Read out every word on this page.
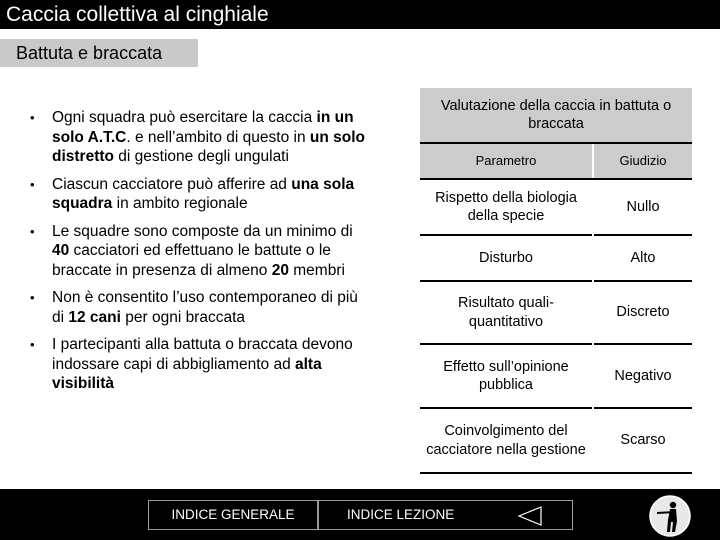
Caccia collettiva al cinghiale
Battuta e braccata
• Ogni squadra può esercitare la caccia in un solo A.T.C. e nell’ambito di questo in un solo distretto di gestione degli ungulati
• Ciascun cacciatore può afferire ad una sola squadra in ambito regionale
• Le squadre sono composte da un minimo di 40 cacciatori ed effettuano le battute o le braccate in presenza di almeno 20 membri
• Non è consentito l’uso contemporaneo di più di 12 cani per ogni braccata
• I partecipanti alla battuta o braccata devono indossare capi di abbigliamento ad alta visibilità
Valutazione della caccia in battuta o braccata	
Parametro	Giudizio
Rispetto della biologia della specie	Nullo
Disturbo	Alto
Risultato quali-quantitativo	Discreto
Effetto sull’opinione pubblica	Negativo
Coinvolgimento del cacciatore nella gestione	Scarso
INDICE GENERALE	INDICE LEZIONE
